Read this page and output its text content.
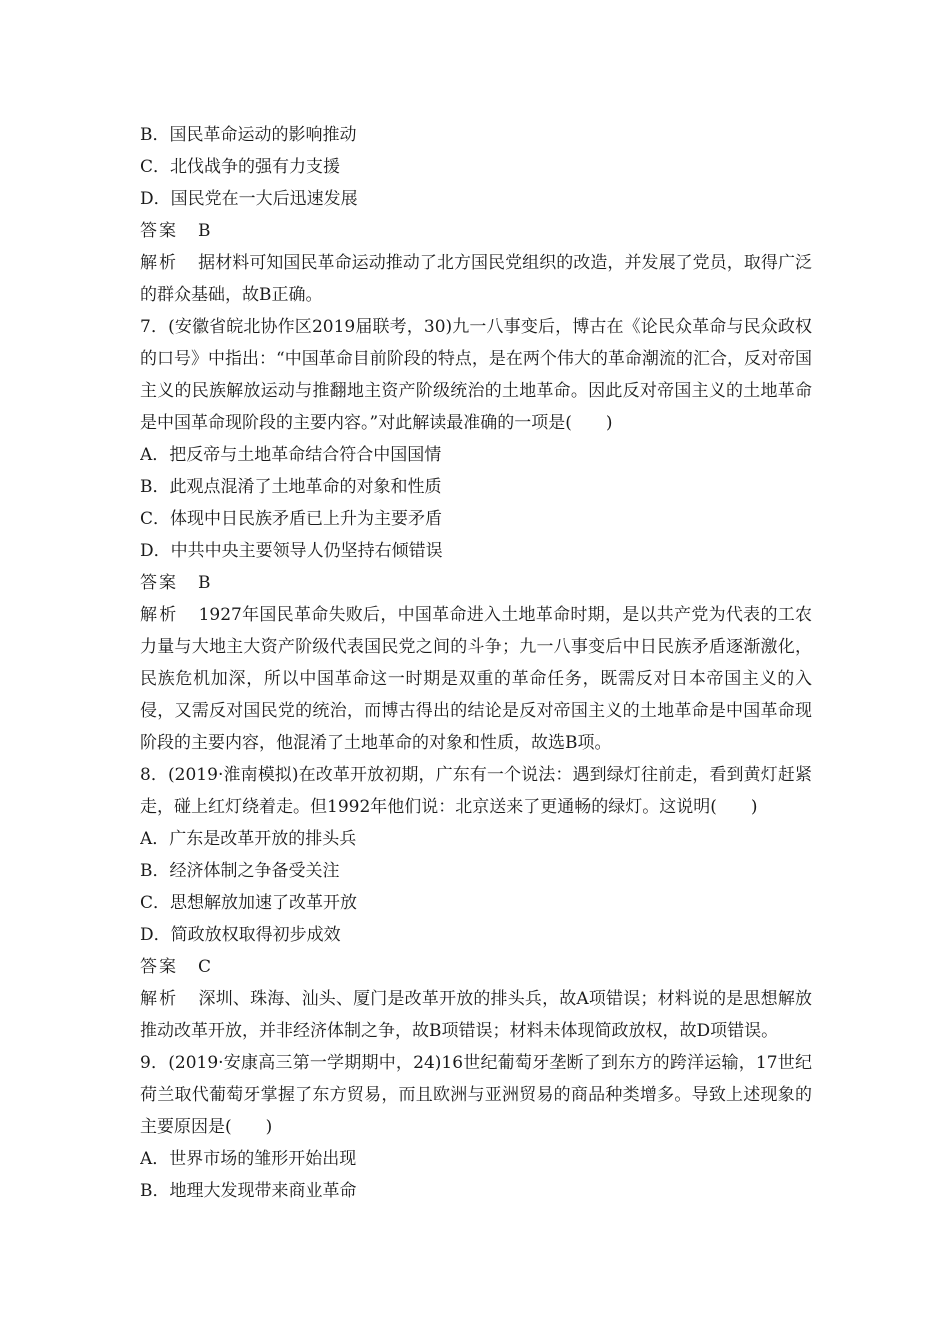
B．国民革命运动的影响推动
C．北伐战争的强有力支援
D．国民党在一大后迅速发展
答案 B
解析 据材料可知国民革命运动推动了北方国民党组织的改造，并发展了党员，取得广泛的群众基础，故B正确。
7．(安徽省皖北协作区2019届联考，30)九一八事变后，博古在《论民众革命与民众政权的口号》中指出：“中国革命目前阶段的特点，是在两个伟大的革命潮流的汇合，反对帝国主义的民族解放运动与推翻地主资产阶级统治的土地革命。因此反对帝国主义的土地革命是中国革命现阶段的主要内容。”对此解读最准确的一项是(　　)
A．把反帝与土地革命结合符合中国国情
B．此观点混淆了土地革命的对象和性质
C．体现中日民族矛盾已上升为主要矛盾
D．中共中央主要领导人仍坚持右倾错误
答案 B
解析 1927年国民革命失败后，中国革命进入土地革命时期，是以共产党为代表的工农力量与大地主大资产阶级代表国民党之间的斗争；九一八事变后中日民族矛盾逐渐激化，民族危机加深，所以中国革命这一时期是双重的革命任务，既需反对日本帝国主义的入侵，又需反对国民党的统治，而博古得出的结论是反对帝国主义的土地革命是中国革命现阶段的主要内容，他混淆了土地革命的对象和性质，故选B项。
8．(2019·淮南模拟)在改革开放初期，广东有一个说法：遇到绿灯往前走，看到黄灯赶紧走，碰上红灯绕着走。但1992年他们说：北京送来了更通畅的绿灯。这说明(　　)
A．广东是改革开放的排头兵
B．经济体制之争备受关注
C．思想解放加速了改革开放
D．简政放权取得初步成效
答案 C
解析 深圳、珠海、汕头、厦门是改革开放的排头兵，故A项错误；材料说的是思想解放推动改革开放，并非经济体制之争，故B项错误；材料未体现简政放权，故D项错误。
9．(2019·安康高三第一学期期中，24)16世纪葡萄牙垄断了到东方的跨洋运输，17世纪荷兰取代葡萄牙掌握了东方贸易，而且欧洲与亚洲贸易的商品种类增多。导致上述现象的主要原因是(　　)
A．世界市场的雏形开始出现
B．地理大发现带来商业革命
